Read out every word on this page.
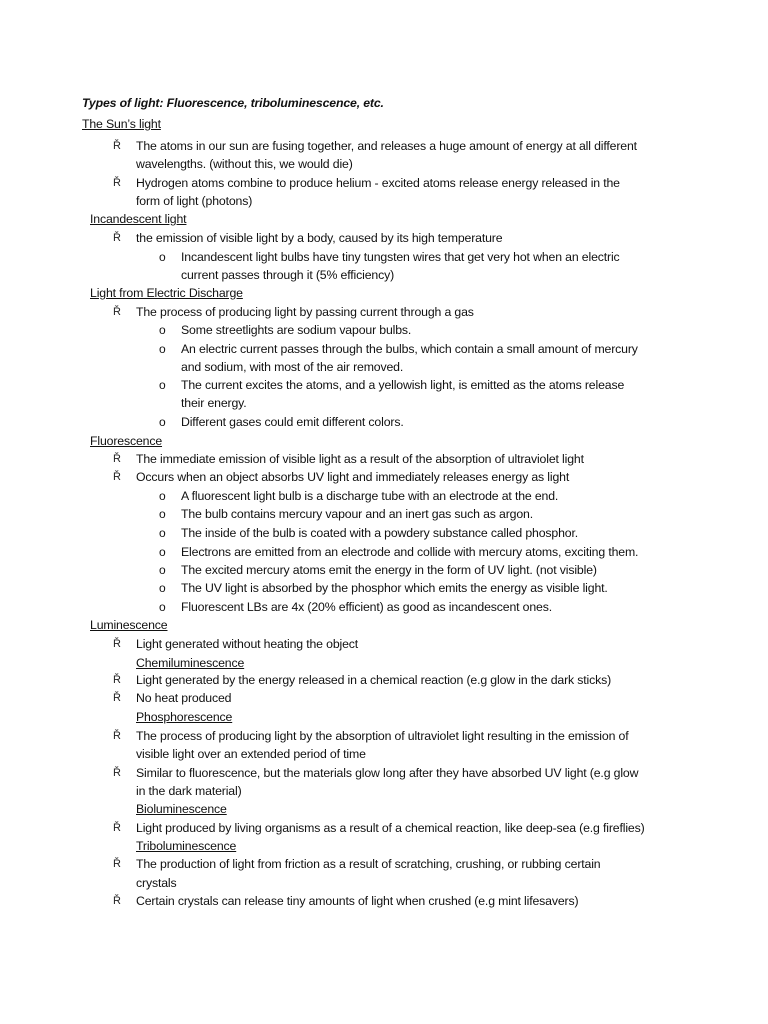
Types of light: Fluorescence, triboluminescence, etc.
The Sun’s light
Ř	The atoms in our sun are fusing together, and releases a huge amount of energy at all different
wavelengths. (without this, we would die)
Ř	Hydrogen atoms combine to produce helium - excited atoms release energy released in the
form of light (photons)
Incandescent light
Ř	the emission of visible light by a body, caused by its high temperature
o Incandescent light bulbs have tiny tungsten wires that get very hot when an electric
current passes through it (5% efficiency)
Light from Electric Discharge
Ř	The process of producing light by passing current through a gas
o Some streetlights are sodium vapour bulbs.
o An electric current passes through the bulbs, which contain a small amount of mercury
and sodium, with most of the air removed.
o The current excites the atoms, and a yellowish light, is emitted as the atoms release
their energy.
o Different gases could emit different colors.
Fluorescence
Ř	The immediate emission of visible light as a result of the absorption of ultraviolet light
Ř	Occurs when an object absorbs UV light and immediately releases energy as light
o A fluorescent light bulb is a discharge tube with an electrode at the end.
o The bulb contains mercury vapour and an inert gas such as argon.
o The inside of the bulb is coated with a powdery substance called phosphor.
o Electrons are emitted from an electrode and collide with mercury atoms, exciting them.
o The excited mercury atoms emit the energy in the form of UV light. (not visible)
o The UV light is absorbed by the phosphor which emits the energy as visible light.
o Fluorescent LBs are 4x (20% efficient) as good as incandescent ones.
Luminescence
Ř	Light generated without heating the object
Chemiluminescence
Ř	Light generated by the energy released in a chemical reaction (e.g glow in the dark sticks)
Ř	No heat produced
Phosphorescence
Ř	The process of producing light by the absorption of ultraviolet light resulting in the emission of
visible light over an extended period of time
Ř	Similar to fluorescence, but the materials glow long after they have absorbed UV light (e.g glow
in the dark material)
Bioluminescence
Ř	Light produced by living organisms as a result of a chemical reaction, like deep-sea (e.g fireflies)
Triboluminescence
Ř	The production of light from friction as a result of scratching, crushing, or rubbing certain
crystals
Ř	Certain crystals can release tiny amounts of light when crushed (e.g mint lifesavers)
